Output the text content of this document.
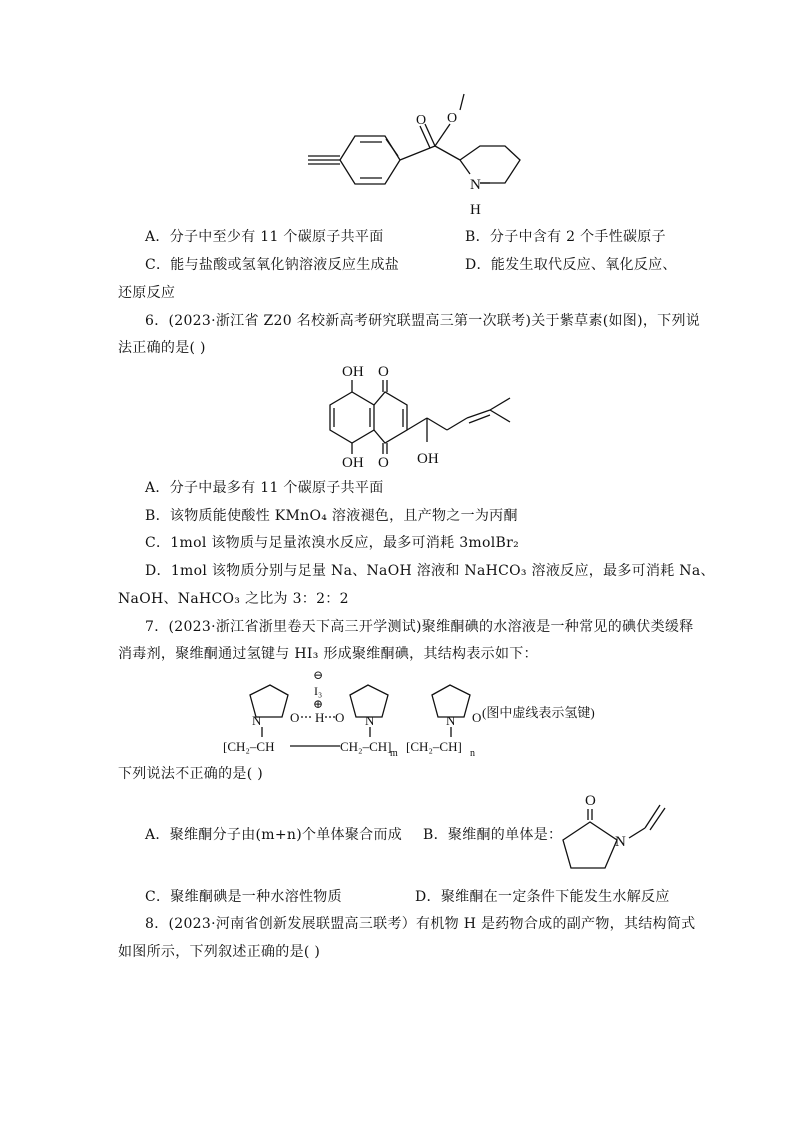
O O
N
H
A．分子中至少有 11 个碳原子共平面	B．分子中含有 2 个手性碳原子
C．能与盐酸或氢氧化钠溶液反应生成盐	D．能发生取代反应、氧化反应、
还原反应
6．(2023·浙江省 Z20 名校新高考研究联盟高三第一次联考)关于紫草素(如图)，下列说
法正确的是( )
OH O
OH O OH
A．分子中最多有 11 个碳原子共平面
B．该物质能使酸性 KMnO₄ 溶液褪色，且产物之一为丙酮
C．1mol 该物质与足量浓溴水反应，最多可消耗 3molBr₂
D．1mol 该物质分别与足量 Na、NaOH 溶液和 NaHCO₃ 溶液反应，最多可消耗 Na、
NaOH、NaHCO₃ 之比为 3：2：2
7．(2023·浙江省浙里卷天下高三开学测试)聚维酮碘的水溶液是一种常见的碘伏类缓释
消毒剂，聚维酮通过氢键与 HI₃ 形成聚维酮碘，其结构表示如下：
⊖
I₃
⊕
H
N O	O N	N O (图中虚线表示氢键)
[CH₂–CH	CH₂–CH]
m [CH₂–CH] n
下列说法不正确的是( )
A．聚维酮分子由(m+n)个单体聚合而成 B．聚维酮的单体是：
O
N
C．聚维酮碘是一种水溶性物质	D．聚维酮在一定条件下能发生水解反应
8．(2023·河南省创新发展联盟高三联考）有机物 H 是药物合成的副产物，其结构简式
如图所示，下列叙述正确的是( )
